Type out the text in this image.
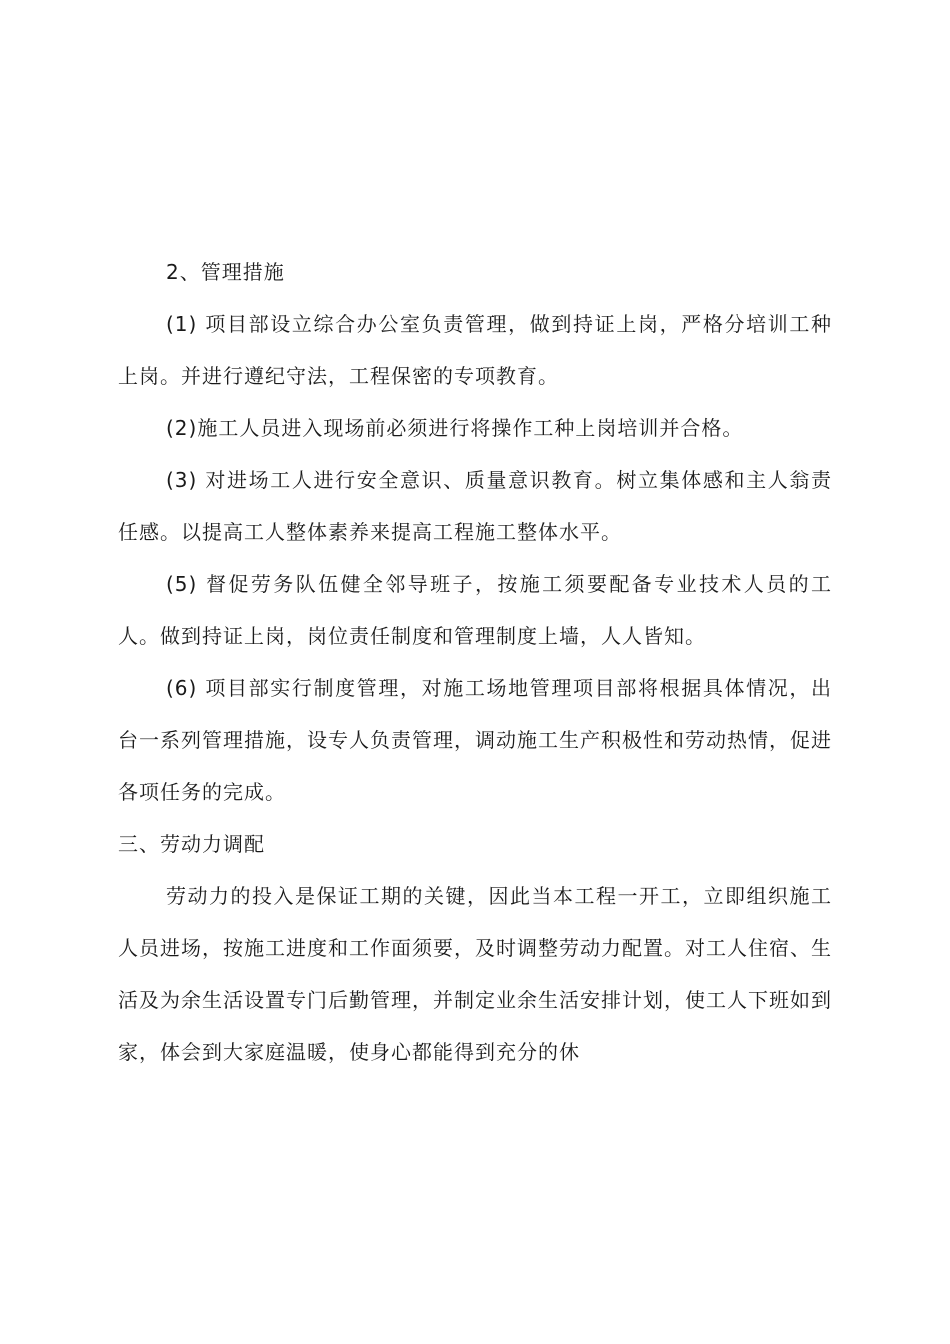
2、管理措施

(1) 项目部设立综合办公室负责管理，做到持证上岗，严格分培训工种上岗。并进行遵纪守法，工程保密的专项教育。

(2)施工人员进入现场前必须进行将操作工种上岗培训并合格。

(3) 对进场工人进行安全意识、质量意识教育。树立集体感和主人翁责任感。以提高工人整体素养来提高工程施工整体水平。

(5) 督促劳务队伍健全邻导班子，按施工须要配备专业技术人员的工人。做到持证上岗，岗位责任制度和管理制度上墙，人人皆知。

(6) 项目部实行制度管理，对施工场地管理项目部将根据具体情况，出台一系列管理措施，设专人负责管理，调动施工生产积极性和劳动热情，促进各项任务的完成。

三、劳动力调配

劳动力的投入是保证工期的关键，因此当本工程一开工，立即组织施工人员进场，按施工进度和工作面须要，及时调整劳动力配置。对工人住宿、生活及为余生活设置专门后勤管理，并制定业余生活安排计划，使工人下班如到家，体会到大家庭温暖，使身心都能得到充分的休
